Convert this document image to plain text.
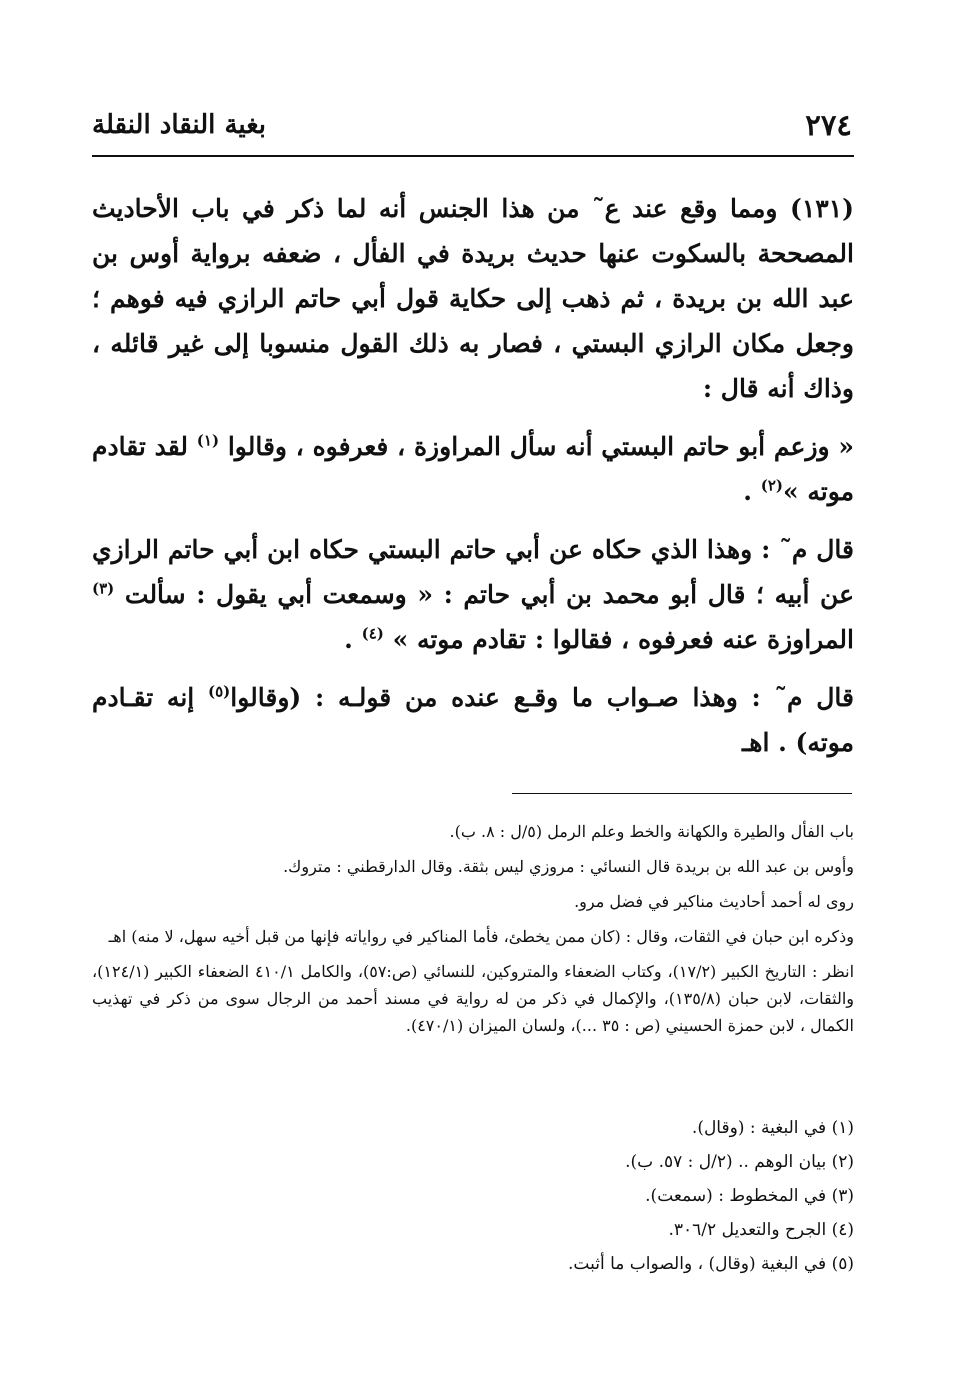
٢٧٤
بغية النقاد النقلة

(١٣١) ومما وقع عند ع˜ من هذا الجنس أنه لما ذكر في باب الأحاديث المصححة بالسكوت عنها حديث بريدة في الفأل ، ضعفه برواية أوس بن عبد الله بن بريدة ، ثم ذهب إلى حكاية قول أبي حاتم الرازي فيه فوهم ؛ وجعل مكان الرازي البستي ، فصار به ذلك القول منسوبا إلى غير قائله ، وذاك أنه قال :

« وزعم أبو حاتم البستي أنه سأل المراوزة ، فعرفوه ، وقالوا $^{(١)}$ لقد تقادم موته »$^{(٢)}$ .

قال م˜ : وهذا الذي حكاه عن أبي حاتم البستي حكاه ابن أبي حاتم الرازي عن أبيه ؛ قال أبو محمد بن أبي حاتم : « وسمعت أبي يقول : سألت $^{(٣)}$ المراوزة عنه فعرفوه ، فقالوا : تقادم موته » $^{(٤)}$ .

قال م˜ : وهذا صـواب ما وقـع عنده من قولـه : (وقالوا$^{(٥)}$ إنه تقـادم موته) . اهـ

باب الفأل والطيرة والكهانة والخط وعلم الرمل (٥/ل : ٨. ب).

وأوس بن عبد الله بن بريدة قال النسائي : مروزي ليس بثقة. وقال الدارقطني : متروك.

روى له أحمد أحاديث مناكير في فضل مرو.

وذكره ابن حبان في الثقات، وقال : (كان ممن يخطئ، فأما المناكير في رواياته فإنها من قبل أخيه سهل، لا منه) اهـ

انظر : التاريخ الكبير (١٧/٢)، وكتاب الضعفاء والمتروكين، للنسائي (ص:٥٧)، والكامل ٤١٠/١ الضعفاء الكبير (١٢٤/١)، والثقات، لابن حبان (١٣٥/٨)، والإكمال في ذكر من له رواية في مسند أحمد من الرجال سوى من ذكر في تهذيب الكمال ، لابن حمزة الحسيني (ص : ٣٥ ...)، ولسان الميزان (٤٧٠/١).

(١) في البغية : (وقال).

(٢) بيان الوهم .. (٢/ل : ٥٧. ب).

(٣) في المخطوط : (سمعت).

(٤) الجرح والتعديل ٣٠٦/٢.

(٥) في البغية (وقال) ، والصواب ما أثبت.
